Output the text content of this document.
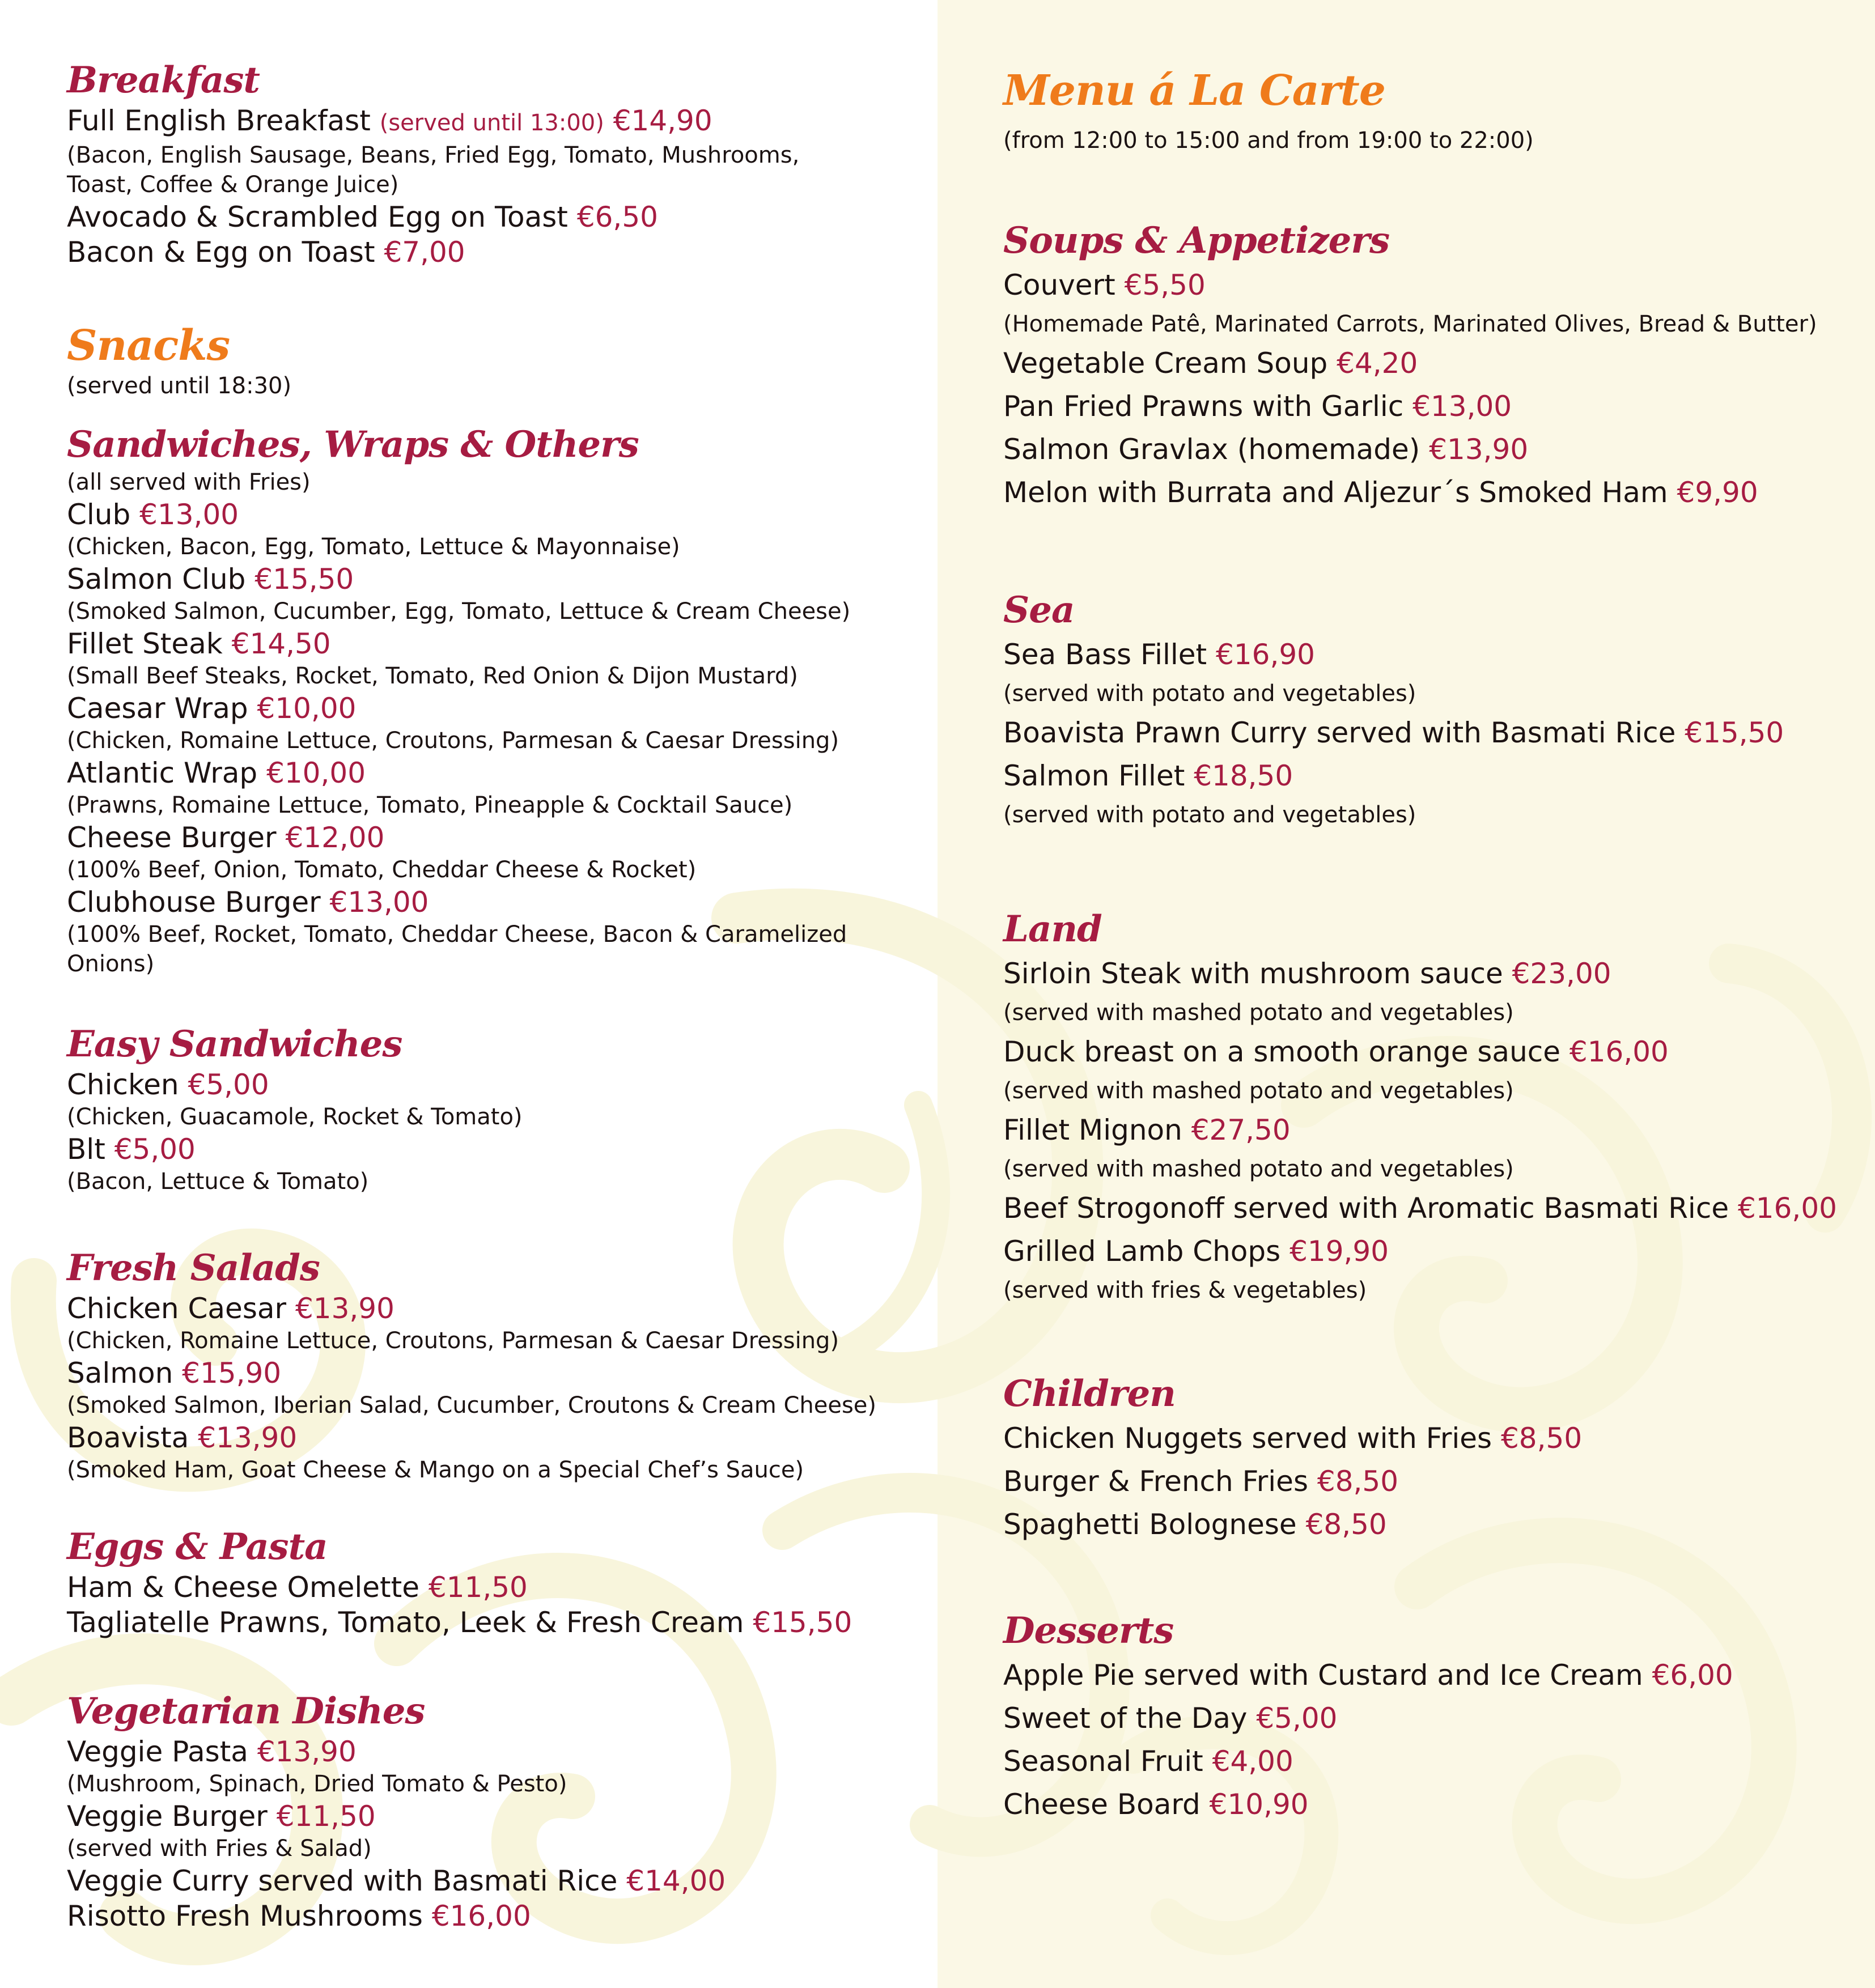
Breakfast
Full English Breakfast (served until 13:00) €14,90
(Bacon, English Sausage, Beans, Fried Egg, Tomato, Mushrooms, Toast, Coffee & Orange Juice)
Avocado & Scrambled Egg on Toast €6,50
Bacon & Egg on Toast €7,00
Snacks
(served until 18:30)
Sandwiches, Wraps & Others
(all served with Fries)
Club €13,00
(Chicken, Bacon, Egg, Tomato, Lettuce & Mayonnaise)
Salmon Club €15,50
(Smoked Salmon, Cucumber, Egg, Tomato, Lettuce & Cream Cheese)
Fillet Steak €14,50
(Small Beef Steaks, Rocket, Tomato, Red Onion & Dijon Mustard)
Caesar Wrap €10,00
(Chicken, Romaine Lettuce, Croutons, Parmesan & Caesar Dressing)
Atlantic Wrap €10,00
(Prawns, Romaine Lettuce, Tomato, Pineapple & Cocktail Sauce)
Cheese Burger €12,00
(100% Beef, Onion, Tomato, Cheddar Cheese & Rocket)
Clubhouse Burger €13,00
(100% Beef, Rocket, Tomato, Cheddar Cheese, Bacon & Caramelized Onions)
Easy Sandwiches
Chicken €5,00
(Chicken, Guacamole, Rocket & Tomato)
Blt €5,00
(Bacon, Lettuce & Tomato)
Fresh Salads
Chicken Caesar €13,90
(Chicken, Romaine Lettuce, Croutons, Parmesan & Caesar Dressing)
Salmon €15,90
(Smoked Salmon, Iberian Salad, Cucumber, Croutons & Cream Cheese)
Boavista €13,90
(Smoked Ham, Goat Cheese & Mango on a Special Chef’s Sauce)
Eggs & Pasta
Ham & Cheese Omelette €11,50
Tagliatelle Prawns, Tomato, Leek & Fresh Cream €15,50
Vegetarian Dishes
Veggie Pasta €13,90
(Mushroom, Spinach, Dried Tomato & Pesto)
Veggie Burger €11,50
(served with Fries & Salad)
Veggie Curry served with Basmati Rice €14,00
Risotto Fresh Mushrooms €16,00
Menu á La Carte
(from 12:00 to 15:00 and from 19:00 to 22:00)
Soups & Appetizers
Couvert €5,50
(Homemade Patê, Marinated Carrots, Marinated Olives, Bread & Butter)
Vegetable Cream Soup €4,20
Pan Fried Prawns with Garlic €13,00
Salmon Gravlax (homemade) €13,90
Melon with Burrata and Aljezur´s Smoked Ham €9,90
Sea
Sea Bass Fillet €16,90
(served with potato and vegetables)
Boavista Prawn Curry served with Basmati Rice €15,50
Salmon Fillet €18,50
(served with potato and vegetables)
Land
Sirloin Steak with mushroom sauce €23,00
(served with mashed potato and vegetables)
Duck breast on a smooth orange sauce €16,00
(served with mashed potato and vegetables)
Fillet Mignon €27,50
(served with mashed potato and vegetables)
Beef Strogonoff served with Aromatic Basmati Rice €16,00
Grilled Lamb Chops €19,90
(served with fries & vegetables)
Children
Chicken Nuggets served with Fries €8,50
Burger & French Fries €8,50
Spaghetti Bolognese €8,50
Desserts
Apple Pie served with Custard and Ice Cream €6,00
Sweet of the Day €5,00
Seasonal Fruit €4,00
Cheese Board €10,90
